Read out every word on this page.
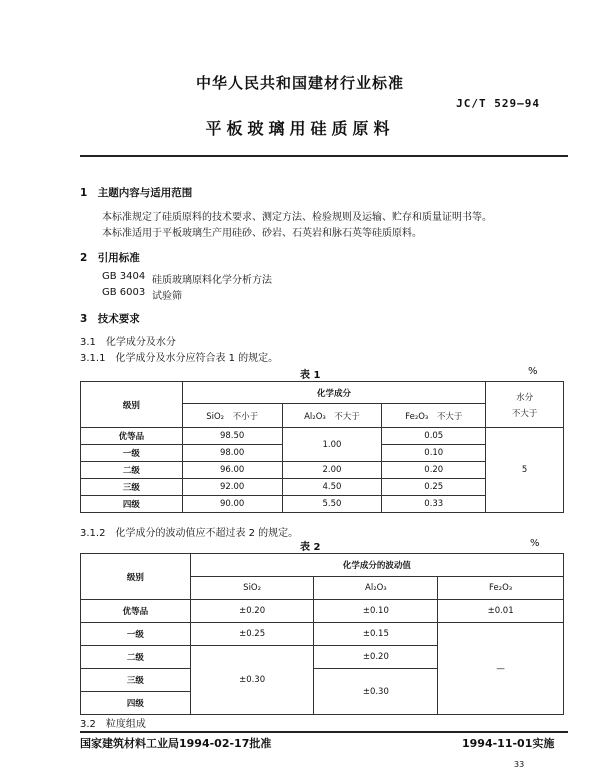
中华人民共和国建材行业标准
JC/T 529—94
平板玻璃用硅质原料
1　主题内容与适用范围
本标准规定了硅质原料的技术要求、测定方法、检验规则及运输、贮存和质量证明书等。
本标准适用于平板玻璃生产用硅砂、砂岩、石英岩和脉石英等硅质原料。
2　引用标准
GB 3404 硅质玻璃原料化学分析方法
GB 6003 试验筛
3　技术要求
3.1　化学成分及水分
3.1.1　化学成分及水分应符合表 1 的规定。
表 1	%
级别	化学成分			水分
不大于

	SiO₂　不小于	Al₂O₃　不大于	Fe₂O₃　不大于	
优等品	98.50	1.00	0.05	5
一级	98.00		0.10	
二级	96.00	2.00	0.20	
三级	92.00	4.50	0.25	
四级	90.00	5.50	0.33	
3.1.2　化学成分的波动值应不超过表 2 的规定。
表 2	%
级别	化学成分的波动值		
	SiO₂	Al₂O₃	Fe₂O₃
优等品	±0.20	±0.10	±0.01
一级	±0.25	±0.15	—
二级	±0.30	±0.20	
三级		±0.30	
四级			
3.2　粒度组成
国家建筑材料工业局1994-02-17批准	1994-11-01实施
33
